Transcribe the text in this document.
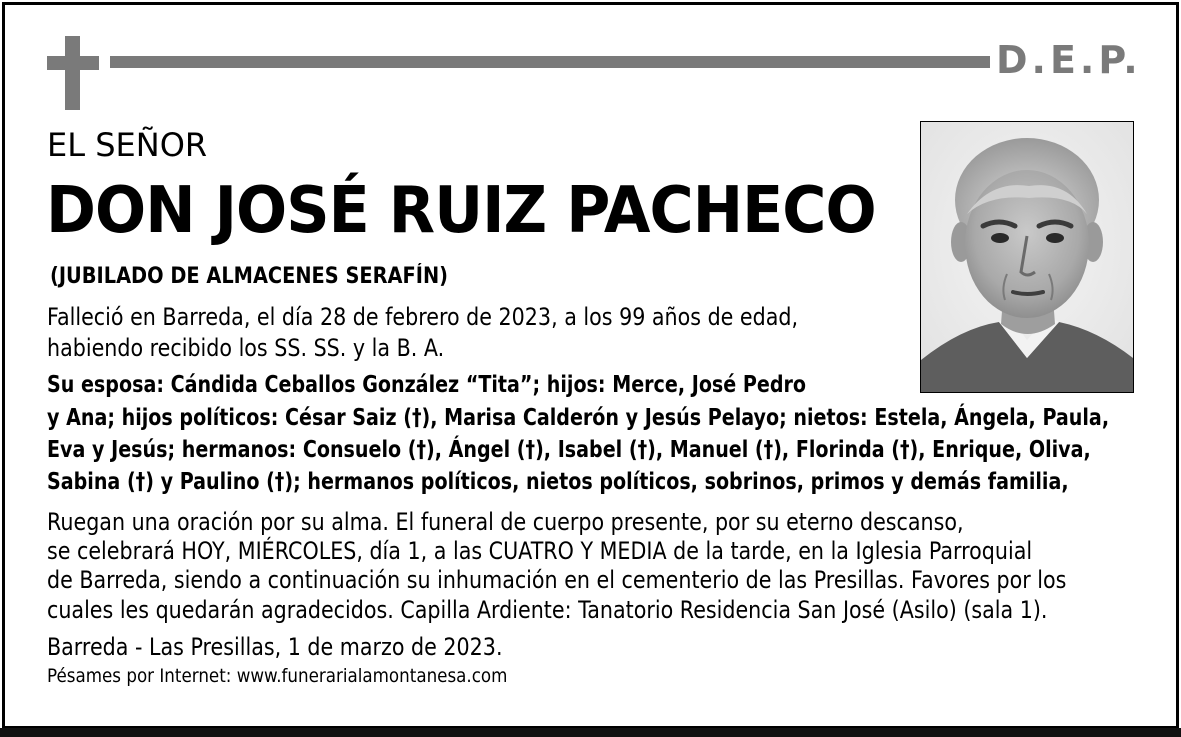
D.E.P.
EL SEÑOR
DON JOSÉ RUIZ PACHECO
(JUBILADO DE ALMACENES SERAFÍN)
Falleció en Barreda, el día 28 de febrero de 2023, a los 99 años de edad,
habiendo recibido los SS. SS. y la B. A.
Su esposa: Cándida Ceballos González “Tita”; hijos: Merce, José Pedro
y Ana; hijos políticos: César Saiz (†), Marisa Calderón y Jesús Pelayo; nietos: Estela, Ángela, Paula,
Eva y Jesús; hermanos: Consuelo (†), Ángel (†), Isabel (†), Manuel (†), Florinda (†), Enrique, Oliva,
Sabina (†) y Paulino (†); hermanos políticos, nietos políticos, sobrinos, primos y demás familia,
Ruegan una oración por su alma. El funeral de cuerpo presente, por su eterno descanso,
se celebrará HOY, MIÉRCOLES, día 1, a las CUATRO Y MEDIA de la tarde, en la Iglesia Parroquial
de Barreda, siendo a continuación su inhumación en el cementerio de las Presillas. Favores por los
cuales les quedarán agradecidos. Capilla Ardiente: Tanatorio Residencia San José (Asilo) (sala 1).
Barreda - Las Presillas, 1 de marzo de 2023.
Pésames por Internet: www.funerarialamontanesa.com
